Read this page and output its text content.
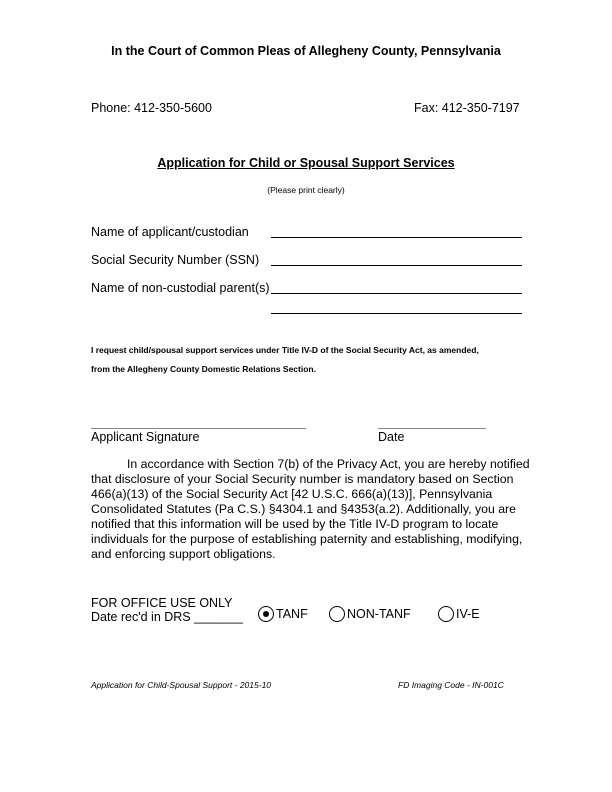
In the Court of Common Pleas of Allegheny County, Pennsylvania
Phone: 412-350-5600	Fax: 412-350-7197
Application for Child or Spousal Support Services
(Please print clearly)
Name of applicant/custodian
Social Security Number (SSN)
Name of non-custodial parent(s)
I request child/spousal support services under Title IV-D of the Social Security Act, as amended,
from the Allegheny County Domestic Relations Section.
Applicant Signature	Date
In accordance with Section 7(b) of the Privacy Act, you are hereby notified that disclosure of your Social Security number is mandatory based on Section 466(a)(13) of the Social Security Act [42 U.S.C. 666(a)(13)], Pennsylvania Consolidated Statutes (Pa C.S.) §4304.1 and §4353(a.2). Additionally, you are notified that this information will be used by the Title IV-D program to locate individuals for the purpose of establishing paternity and establishing, modifying, and enforcing support obligations.
FOR OFFICE USE ONLY
Date rec'd in DRS _______	TANF	NON-TANF	IV-E
Application for Child-Spousal Support - 2015-10	FD Imaging Code - IN-001C
